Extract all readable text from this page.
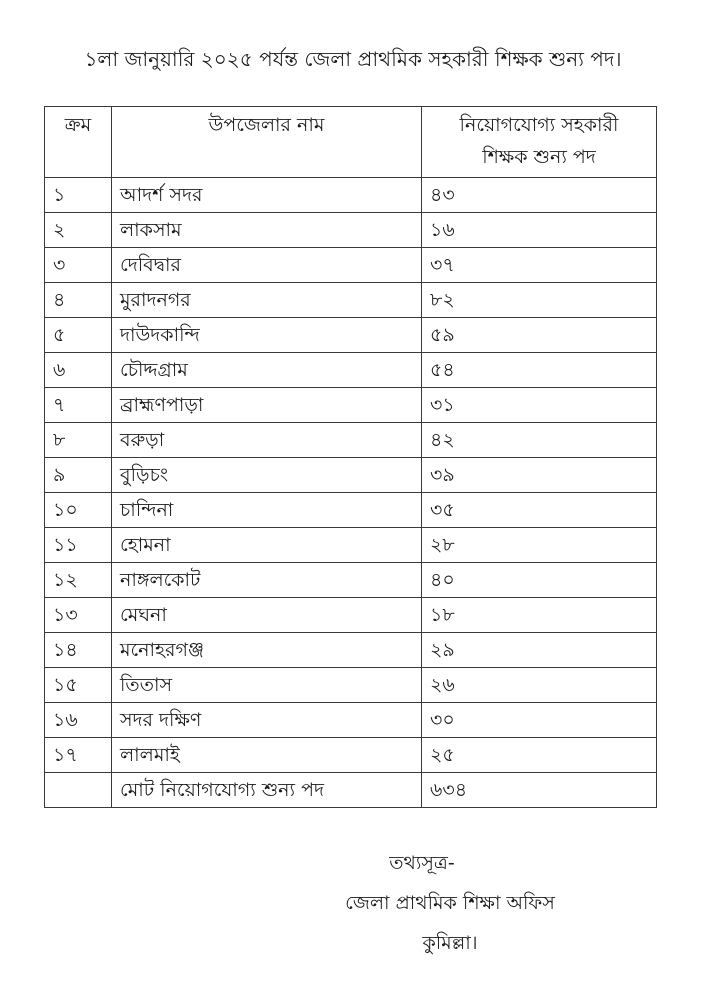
১লা জানুয়ারি ২০২৫ পর্যন্ত জেলা প্রাথমিক সহকারী শিক্ষক শুন্য পদ।
ক্রম	উপজেলার নাম	নিয়োগযোগ্য সহকারী
শিক্ষক শুন্য পদ

১	আদর্শ সদর	৪৩
২	লাকসাম	১৬
৩	দেবিদ্বার	৩৭
৪	মুরাদনগর	৮২
৫	দাউদকান্দি	৫৯
৬	চৌদ্দগ্রাম	৫৪
৭	ব্রাহ্মণপাড়া	৩১
৮	বরুড়া	৪২
৯	বুড়িচং	৩৯
১০	চান্দিনা	৩৫
১১	হোমনা	২৮
১২	নাঙ্গলকোট	৪০
১৩	মেঘনা	১৮
১৪	মনোহরগঞ্জ	২৯
১৫	তিতাস	২৬
১৬	সদর দক্ষিণ	৩০
১৭	লালমাই	২৫
	মোট নিয়োগযোগ্য শুন্য পদ	৬৩৪
তথ্যসূত্র-
জেলা প্রাথমিক শিক্ষা অফিস
কুমিল্লা।
